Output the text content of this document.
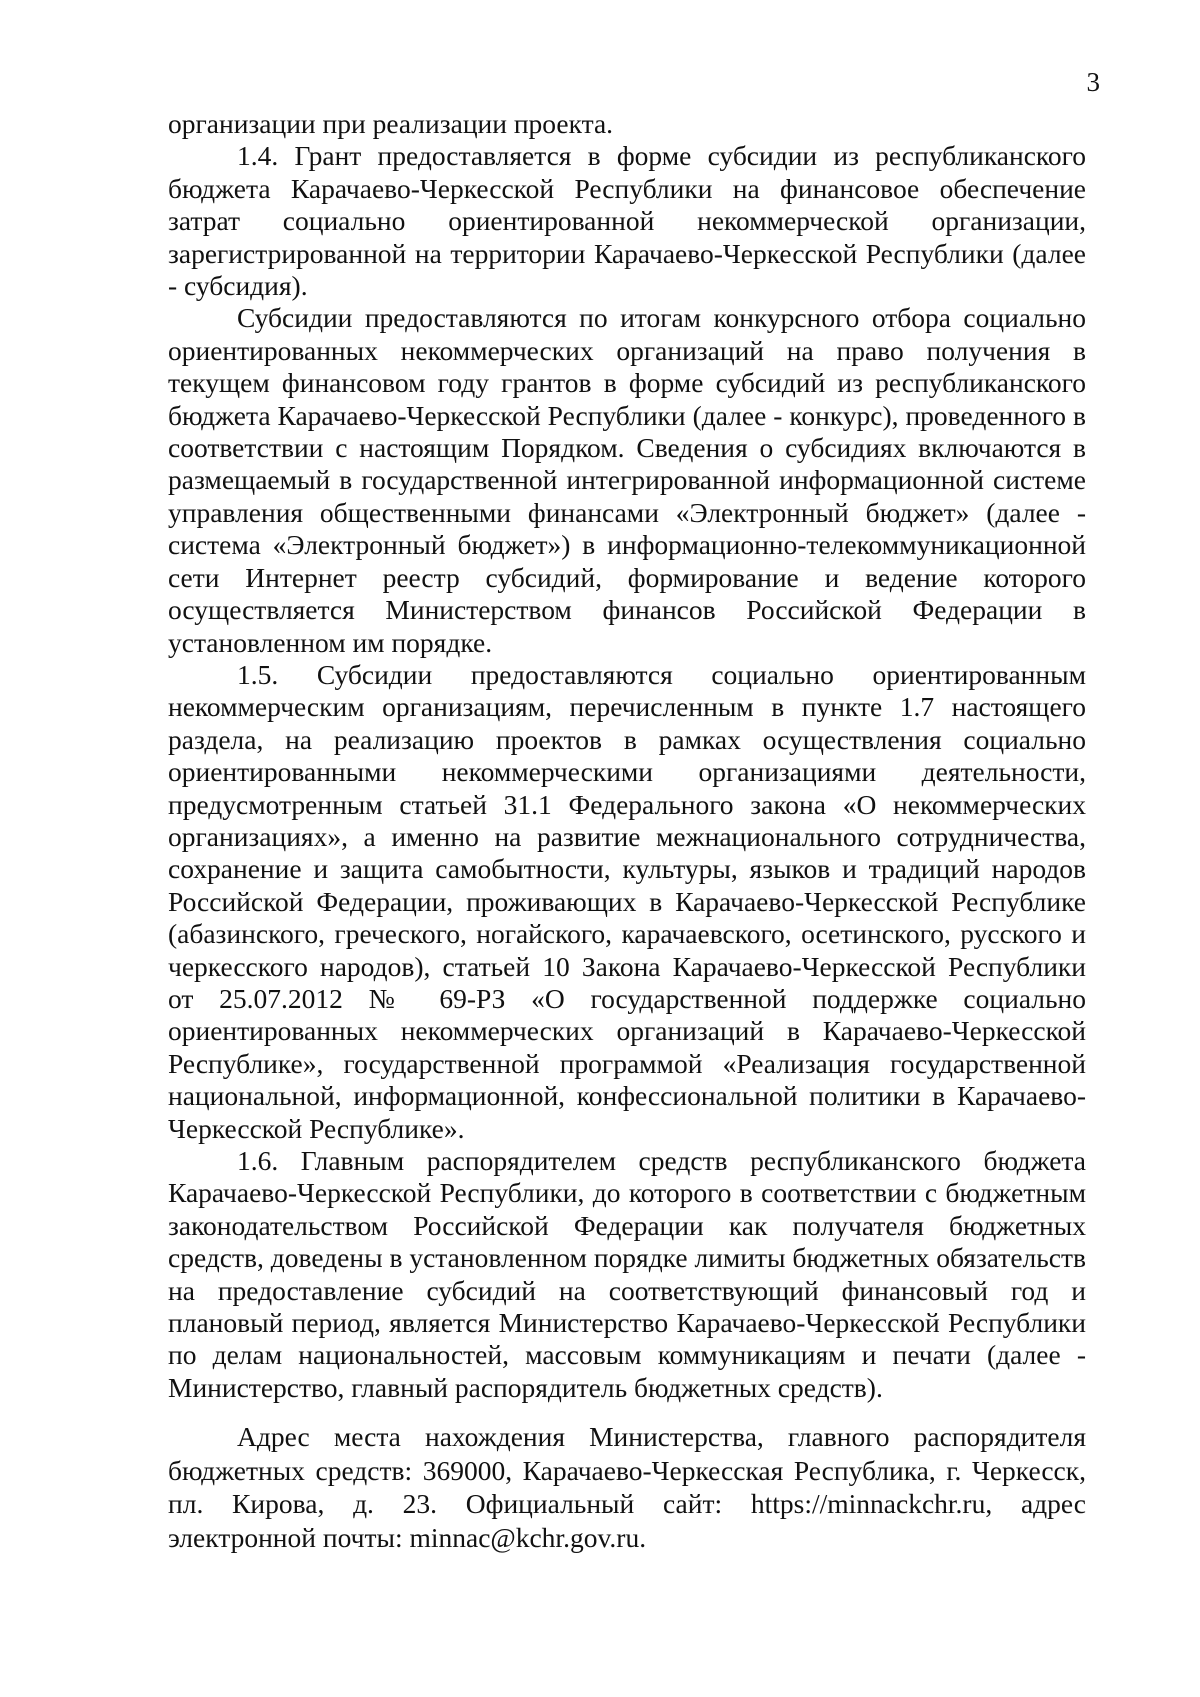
3

организации при реализации проекта.

1.4. Грант предоставляется в форме субсидии из республиканского бюджета Карачаево-Черкесской Республики на финансовое обеспечение затрат социально ориентированной некоммерческой организации, зарегистрированной на территории Карачаево-Черкесской Республики (далее - субсидия).

Субсидии предоставляются по итогам конкурсного отбора социально ориентированных некоммерческих организаций на право получения в текущем финансовом году грантов в форме субсидий из республиканского бюджета Карачаево-Черкесской Республики (далее - конкурс), проведенного в соответствии с настоящим Порядком. Сведения о субсидиях включаются в размещаемый в государственной интегрированной информационной системе управления общественными финансами «Электронный бюджет» (далее - система «Электронный бюджет») в информационно-телекоммуникационной сети Интернет реестр субсидий, формирование и ведение которого осуществляется Министерством финансов Российской Федерации в установленном им порядке.

1.5. Субсидии предоставляются социально ориентированным некоммерческим организациям, перечисленным в пункте 1.7 настоящего раздела, на реализацию проектов в рамках осуществления социально ориентированными некоммерческими организациями деятельности, предусмотренным статьей 31.1 Федерального закона «О некоммерческих организациях», а именно на развитие межнационального сотрудничества, сохранение и защита самобытности, культуры, языков и традиций народов Российской Федерации, проживающих в Карачаево-Черкесской Республике (абазинского, греческого, ногайского, карачаевского, осетинского, русского и черкесского народов), статьей 10 Закона Карачаево-Черкесской Республики от 25.07.2012 № 69-РЗ «О государственной поддержке социально ориентированных некоммерческих организаций в Карачаево-Черкесской Республике», государственной программой «Реализация государственной национальной, информационной, конфессиональной политики в Карачаево-Черкесской Республике».

1.6. Главным распорядителем средств республиканского бюджета Карачаево-Черкесской Республики, до которого в соответствии с бюджетным законодательством Российской Федерации как получателя бюджетных средств, доведены в установленном порядке лимиты бюджетных обязательств на предоставление субсидий на соответствующий финансовый год и плановый период, является Министерство Карачаево-Черкесской Республики по делам национальностей, массовым коммуникациям и печати (далее - Министерство, главный распорядитель бюджетных средств).

Адрес места нахождения Министерства, главного распорядителя бюджетных средств: 369000, Карачаево-Черкесская Республика, г. Черкесск, пл. Кирова, д. 23. Официальный сайт: https://minnackchr.ru, адрес электронной почты: minnac@kchr.gov.ru.
